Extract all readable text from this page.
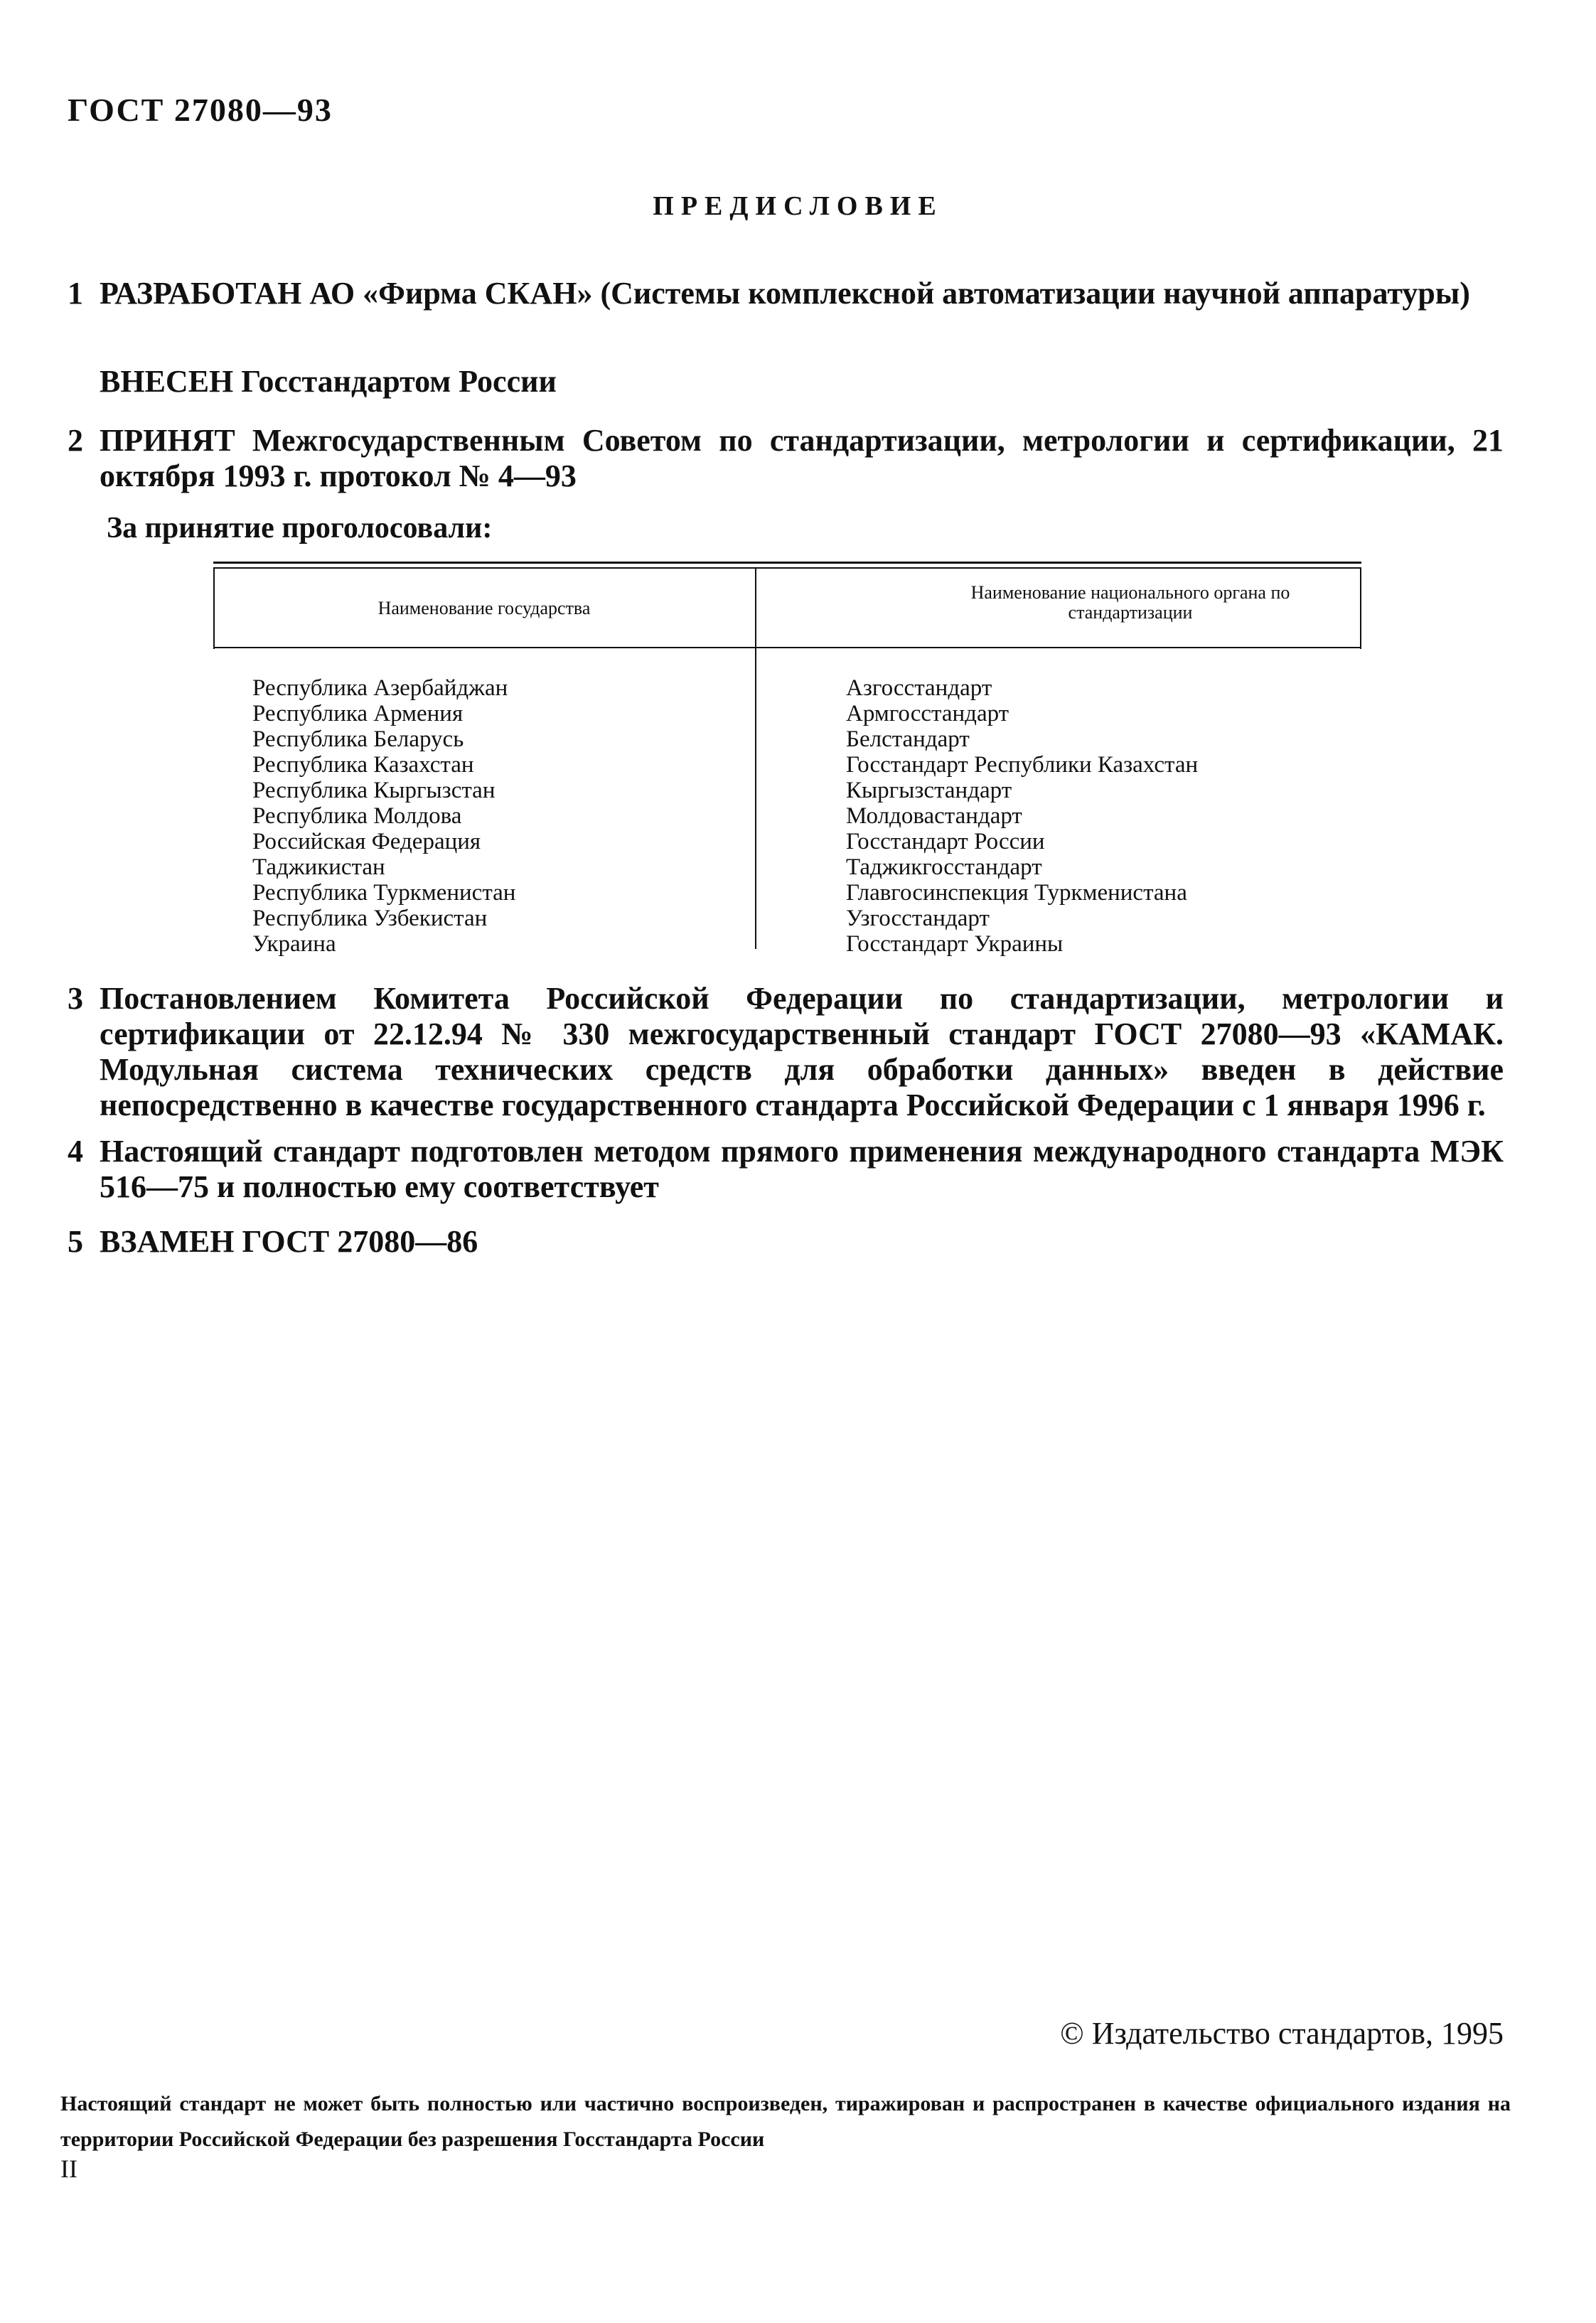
ГОСТ 27080—93
ПРЕДИСЛОВИЕ
1 РАЗРАБОТАН АО «Фирма СКАН» (Системы комплексной автоматизации научной аппаратуры)
ВНЕСЕН Госстандартом России
2 ПРИНЯТ Межгосударственным Советом по стандартизации, метрологии и сертификации, 21 октября 1993 г. протокол № 4—93
За принятие проголосовали:
Наименование государства
Наименование национального органа по стандартизации
Республика Азербайджан
Республика Армения
Республика Беларусь
Республика Казахстан
Республика Кыргызстан
Республика Молдова
Российская Федерация
Таджикистан
Республика Туркменистан
Республика Узбекистан
Украина
Азгосстандарт
Армгосстандарт
Белстандарт
Госстандарт Республики Казахстан
Кыргызстандарт
Молдовастандарт
Госстандарт России
Таджикгосстандарт
Главгосинспекция Туркменистана
Узгосстандарт
Госстандарт Украины
3 Постановлением Комитета Российской Федерации по стандартизации, метрологии и сертификации от 22.12.94 № 330 межгосударственный стандарт ГОСТ 27080—93 «КАМАК. Модульная система технических средств для обработки данных» введен в действие непосредственно в качестве государственного стандарта Российской Федерации с 1 января 1996 г.
4 Настоящий стандарт подготовлен методом прямого применения международного стандарта МЭК 516—75 и полностью ему соответствует
5 ВЗАМЕН ГОСТ 27080—86
© Издательство стандартов, 1995
Настоящий стандарт не может быть полностью или частично воспроизведен, тиражирован и распространен в качестве официального издания на территории Российской Федерации без разрешения Госстандарта России
II
